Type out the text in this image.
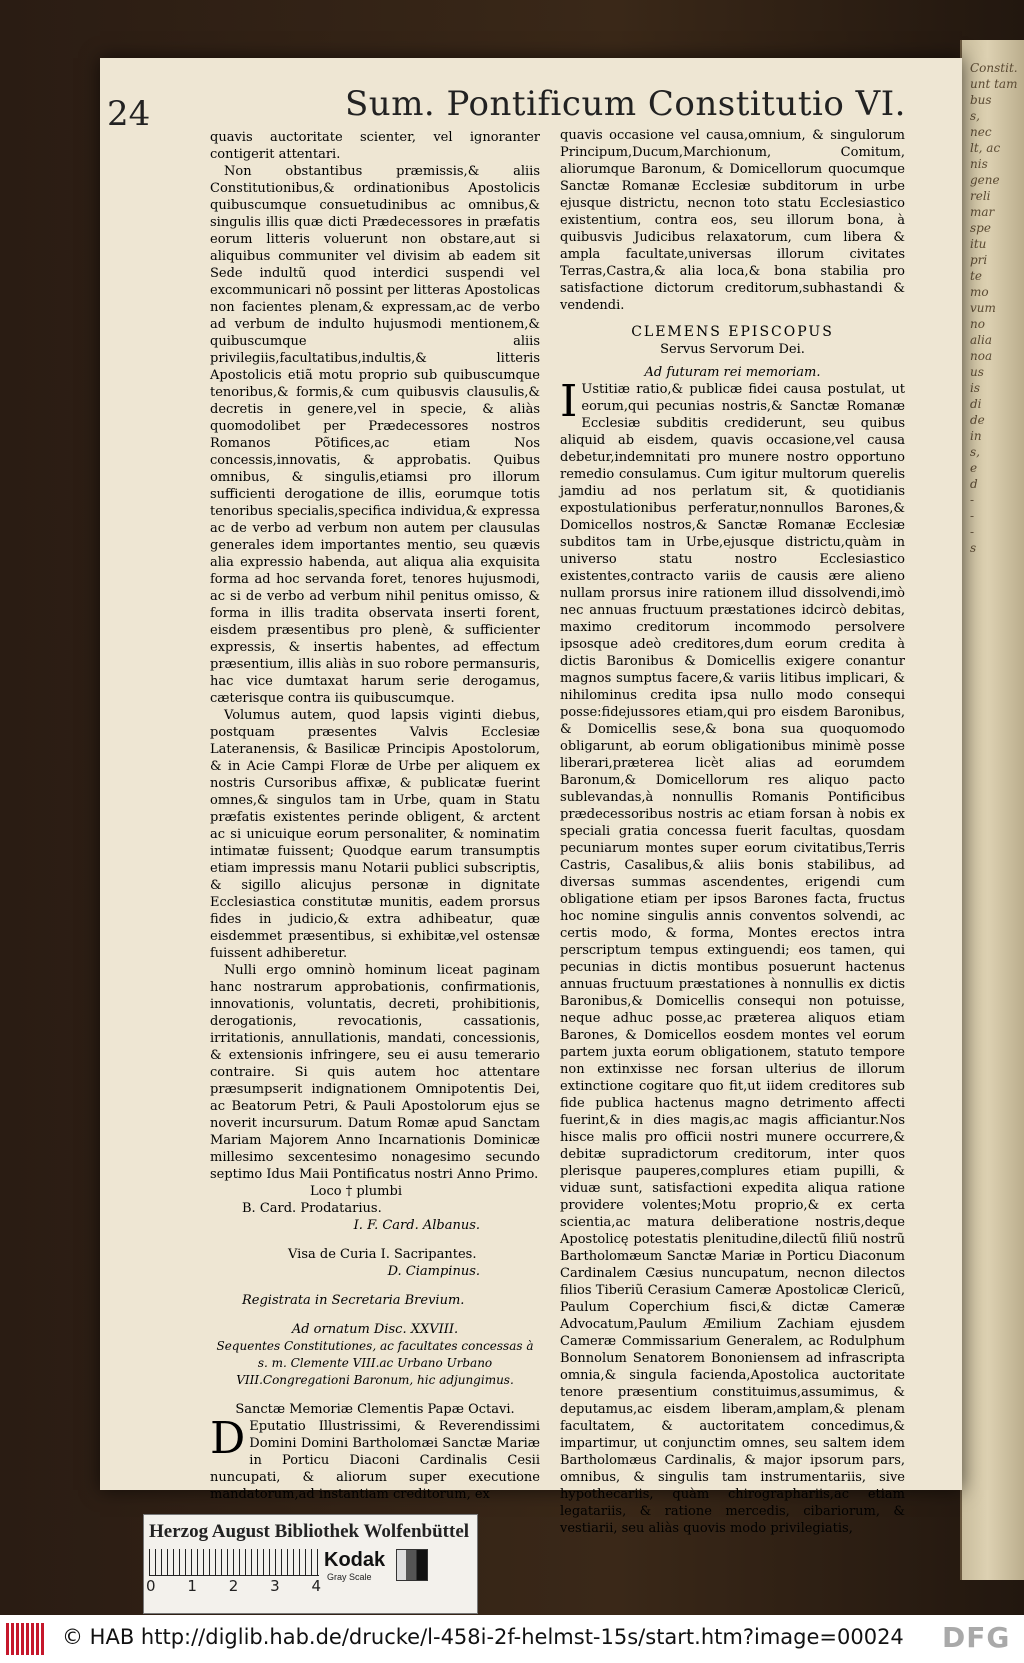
Constit.
unt tam
bus
s,
nec
lt, ac
nis
gene
reli
mar
spe
itu
pri
te
mo
vum
no
alia
noa
us
is
di
de
in
s,
e
d
-
-
-
s
24	Sum. Pontificum Constitutio VI.

quavis auctoritate scienter, vel ignoranter contigerit attentari.

Non obstantibus præmissis,& aliis Constitutionibus,& ordinationibus Apostolicis quibuscumque consuetudinibus ac omnibus,& singulis illis quæ dicti Prædecessores in præfatis eorum litteris voluerunt non obstare,aut si aliquibus communiter vel divisim ab eadem sit Sede indultũ quod interdici suspendi vel excommunicari nõ possint per litteras Apostolicas non facientes plenam,& expressam,ac de verbo ad verbum de indulto hujusmodi mentionem,& quibuscumque aliis privilegiis,facultatibus,indultis,& litteris Apostolicis etiã motu proprio sub quibuscumque tenoribus,& formis,& cum quibusvis clausulis,& decretis in genere,vel in specie, & aliàs quomodolibet per Prædecessores nostros Romanos Põtifices,ac etiam Nos concessis,innovatis, & approbatis. Quibus omnibus, & singulis,etiamsi pro illorum sufficienti derogatione de illis, eorumque totis tenoribus specialis,specifica individua,& expressa ac de verbo ad verbum non autem per clausulas generales idem importantes mentio, seu quævis alia expressio habenda, aut aliqua alia exquisita forma ad hoc servanda foret, tenores hujusmodi, ac si de verbo ad verbum nihil penitus omisso, & forma in illis tradita observata inserti forent, eisdem præsentibus pro plenè, & sufficienter expressis, & insertis habentes, ad effectum præsentium, illis aliàs in suo robore permansuris, hac vice dumtaxat harum serie derogamus, cæterisque contra iis quibuscumque.

Volumus autem, quod lapsis viginti diebus, postquam præsentes Valvis Ecclesiæ Lateranensis, & Basilicæ Principis Apostolorum, & in Acie Campi Floræ de Urbe per aliquem ex nostris Cursoribus affixæ, & publicatæ fuerint omnes,& singulos tam in Urbe, quam in Statu præfatis existentes perinde obligent, & arctent ac si unicuique eorum personaliter, & nominatim intimatæ fuissent; Quodque earum transumptis etiam impressis manu Notarii publici subscriptis, & sigillo alicujus personæ in dignitate Ecclesiastica constitutæ munitis, eadem prorsus fides in judicio,& extra adhibeatur, quæ eisdemmet præsentibus, si exhibitæ,vel ostensæ fuissent adhiberetur.

Nulli ergo omninò hominum liceat paginam hanc nostrarum approbationis, confirmationis, innovationis, voluntatis, decreti, prohibitionis, derogationis, revocationis, cassationis, irritationis, annullationis, mandati, concessionis, & extensionis infringere, seu ei ausu temerario contraire. Si quis autem hoc attentare præsumpserit indignationem Omnipotentis Dei, ac Beatorum Petri, & Pauli Apostolorum ejus se noverit incursurum. Datum Romæ apud Sanctam Mariam Majorem Anno Incarnationis Dominicæ millesimo sexcentesimo nonagesimo secundo septimo Idus Maii Pontificatus nostri Anno Primo.

Loco † plumbi

B. Card. Prodatarius.

I. F. Card. Albanus.

Visa de Curia I. Sacripantes.

D. Ciampinus.

Registrata in Secretaria Brevium.

Ad ornatum Disc. XXVIII.

Sequentes Constitutiones, ac facultates concessas à s. m. Clemente VIII.ac Urbano Urbano VIII.Congregationi Baronum, hic adjungimus.

Sanctæ Memoriæ Clementis Papæ Octavi.

D Eputatio Illustrissimi, & Reverendissimi Domini Domini Bartholomæi Sanctæ Mariæ in Porticu Diaconi Cardinalis Cesii nuncupati, & aliorum super executione mandatorum,ad instantiam creditorum, ex

quavis occasione vel causa,omnium, & singulorum Principum,Ducum,Marchionum, Comitum, aliorumque Baronum, & Domicellorum quocumque Sanctæ Romanæ Ecclesiæ subditorum in urbe ejusque districtu, necnon toto statu Ecclesiastico existentium, contra eos, seu illorum bona, à quibusvis Judicibus relaxatorum, cum libera & ampla facultate,universas illorum civitates Terras,Castra,& alia loca,& bona stabilia pro satisfactione dictorum creditorum,subhastandi & vendendi.

CLEMENS EPISCOPUS

Servus Servorum Dei.

Ad futuram rei memoriam.

I Ustitiæ ratio,& publicæ fidei causa postulat, ut eorum,qui pecunias nostris,& Sanctæ Romanæ Ecclesiæ subditis crediderunt, seu quibus aliquid ab eisdem, quavis occasione,vel causa debetur,indemnitati pro munere nostro opportuno remedio consulamus. Cum igitur multorum querelis jamdiu ad nos perlatum sit, & quotidianis expostulationibus perferatur,nonnullos Barones,& Domicellos nostros,& Sanctæ Romanæ Ecclesiæ subditos tam in Urbe,ejusque districtu,quàm in universo statu nostro Ecclesiastico existentes,contracto variis de causis ære alieno nullam prorsus inire rationem illud dissolvendi,imò nec annuas fructuum præstationes idcircò debitas, maximo creditorum incommodo persolvere ipsosque adeò creditores,dum eorum credita à dictis Baronibus & Domicellis exigere conantur magnos sumptus facere,& variis litibus implicari, & nihilominus credita ipsa nullo modo consequi posse:fidejussores etiam,qui pro eisdem Baronibus, & Domicellis sese,& bona sua quoquomodo obligarunt, ab eorum obligationibus minimè posse liberari,præterea licèt alias ad eorumdem Baronum,& Domicellorum res aliquo pacto sublevandas,à nonnullis Romanis Pontificibus prædecessoribus nostris ac etiam forsan à nobis ex speciali gratia concessa fuerit facultas, quosdam pecuniarum montes super eorum civitatibus,Terris Castris, Casalibus,& aliis bonis stabilibus, ad diversas summas ascendentes, erigendi cum obligatione etiam per ipsos Barones facta, fructus hoc nomine singulis annis conventos solvendi, ac certis modo, & forma, Montes erectos intra perscriptum tempus extinguendi; eos tamen, qui pecunias in dictis montibus posuerunt hactenus annuas fructuum præstationes à nonnullis ex dictis Baronibus,& Domicellis consequi non potuisse, neque adhuc posse,ac præterea aliquos etiam Barones, & Domicellos eosdem montes vel eorum partem juxta eorum obligationem, statuto tempore non extinxisse nec forsan ulterius de illorum extinctione cogitare quo fit,ut iidem creditores sub fide publica hactenus magno detrimento affecti fuerint,& in dies magis,ac magis afficiantur.Nos hisce malis pro officii nostri munere occurrere,& debitæ supradictorum creditorum, inter quos plerisque pauperes,complures etiam pupilli, & viduæ sunt, satisfactioni expedita aliqua ratione providere volentes;Motu proprio,& ex certa scientia,ac matura deliberatione nostris,deque Apostolicę potestatis plenitudine,dilectũ filiũ nostrũ Bartholomæum Sanctæ Mariæ in Porticu Diaconum Cardinalem Cæsius nuncupatum, necnon dilectos filios Tiberiũ Cerasium Cameræ Apostolicæ Clericũ, Paulum Coperchium fisci,& dictæ Cameræ Advocatum,Paulum Æmilium Zachiam ejusdem Cameræ Commissarium Generalem, ac Rodulphum Bonnolum Senatorem Bononiensem ad infrascripta omnia,& singula facienda,Apostolica auctoritate tenore præsentium constituimus,assumimus, & deputamus,ac eisdem liberam,amplam,& plenam facultatem, & auctoritatem concedimus,& impartimur, ut conjunctim omnes, seu saltem idem Bartholomæus Cardinalis, & major ipsorum pars, omnibus, & singulis tam instrumentariis, sive hypothecariis, quàm chirographariis,ac etiam legatariis, & ratione mercedis, cibariorum, & vestiarii, seu aliàs quovis modo privilegiatis,

Herzog August Bibliothek Wolfenbüttel
0 1 2 3 4
Kodak
Gray Scale
© HAB http://diglib.hab.de/drucke/l-458i-2f-helmst-15s/start.htm?image=00024 DFG
